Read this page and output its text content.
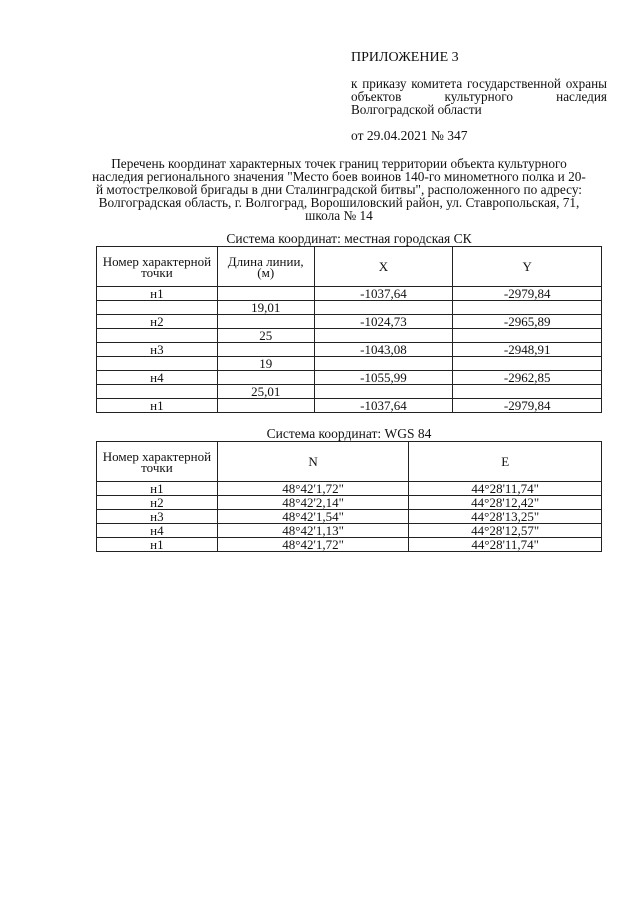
ПРИЛОЖЕНИЕ 3
к приказу комитета государственной охраны объектов культурного наследия Волгоградской области
от 29.04.2021 № 347
Перечень координат характерных точек границ территории объекта культурного наследия регионального значения "Место боев воинов 140-го минометного полка и 20-й мотострелковой бригады в дни Сталинградской битвы", расположенного по адресу: Волгоградская область, г. Волгоград, Ворошиловский район, ул. Ставропольская, 71, школа № 14
Система координат: местная городская СК
Номер характерной точки	Длина линии, (м)	X	Y
н1		-1037,64	-2979,84
	19,01		
н2		-1024,73	-2965,89
	25		
н3		-1043,08	-2948,91
	19		
н4		-1055,99	-2962,85
	25,01		
н1		-1037,64	-2979,84
Система координат: WGS 84
Номер характерной точки	N	E
н1	48°42'1,72"	44°28'11,74"
н2	48°42'2,14"	44°28'12,42"
н3	48°42'1,54"	44°28'13,25"
н4	48°42'1,13"	44°28'12,57"
н1	48°42'1,72"	44°28'11,74"
